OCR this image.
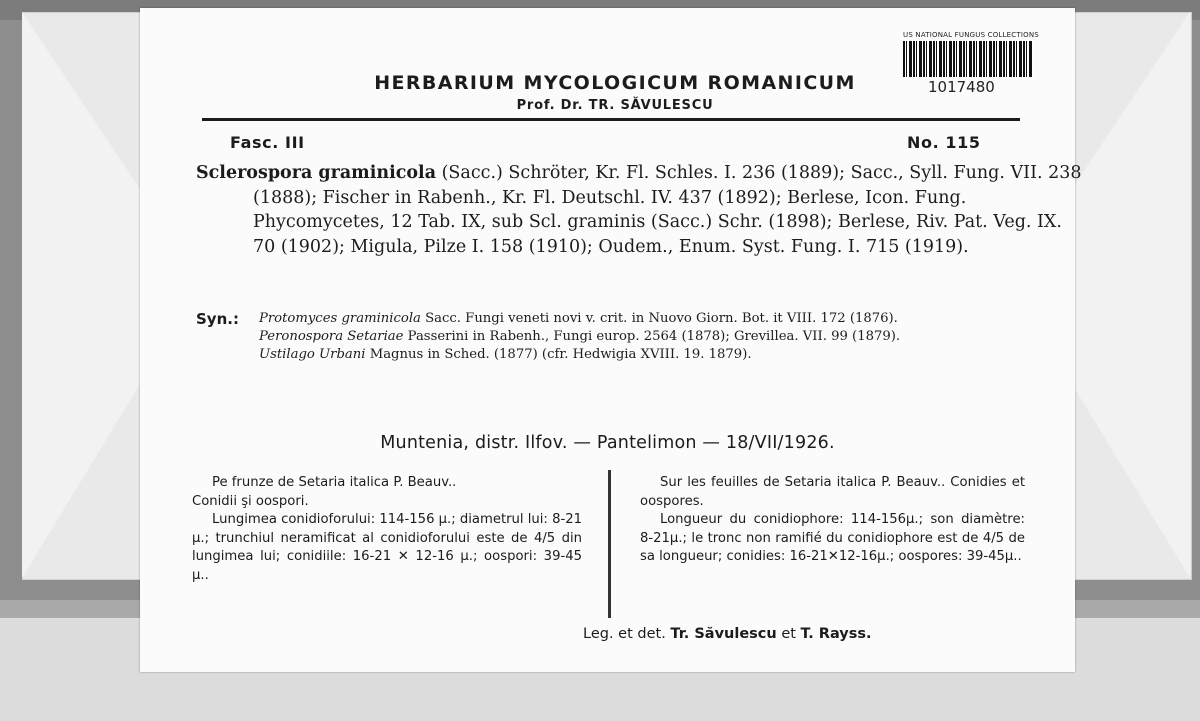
US NATIONAL FUNGUS COLLECTIONS
1017480
HERBARIUM MYCOLOGICUM ROMANICUM
Prof. Dr. TR. SĂVULESCU
Fasc. III	No. 115
Sclerospora graminicola (Sacc.) Schröter, Kr. Fl. Schles. I. 236 (1889); Sacc., Syll. Fung. VII. 238 (1888); Fischer in Rabenh., Kr. Fl. Deutschl. IV. 437 (1892); Berlese, Icon. Fung. Phycomycetes, 12 Tab. IX, sub Scl. graminis (Sacc.) Schr. (1898); Berlese, Riv. Pat. Veg. IX. 70 (1902); Migula, Pilze I. 158 (1910); Oudem., Enum. Syst. Fung. I. 715 (1919).
Syn.: Protomyces graminicola Sacc. Fungi veneti novi v. crit. in Nuovo Giorn. Bot. it VIII. 172 (1876).
Peronospora Setariae Passerini in Rabenh., Fungi europ. 2564 (1878); Grevillea. VII. 99 (1879).
Ustilago Urbani Magnus in Sched. (1877) (cfr. Hedwigia XVIII. 19. 1879).
Muntenia, distr. Ilfov. — Pantelimon — 18/VII/1926.

Pe frunze de Setaria italica P. Beauv..

Conidii şi oospori.

Lungimea conidioforului: 114-156 μ.; diametrul lui: 8-21 μ.; trunchiul neramificat al conidioforului este de 4/5 din lungimea lui; conidiile: 16-21 ✕ 12-16 μ.; oospori: 39-45 μ..

Sur les feuilles de Setaria italica P. Beauv.. Conidies et oospores.

Longueur du conidiophore: 114-156μ.; son diamètre: 8-21μ.; le tronc non ramifié du conidiophore est de 4/5 de sa longueur; conidies: 16-21✕12-16μ.; oospores: 39-45μ..

Leg. et det. Tr. Săvulescu et T. Rayss.
